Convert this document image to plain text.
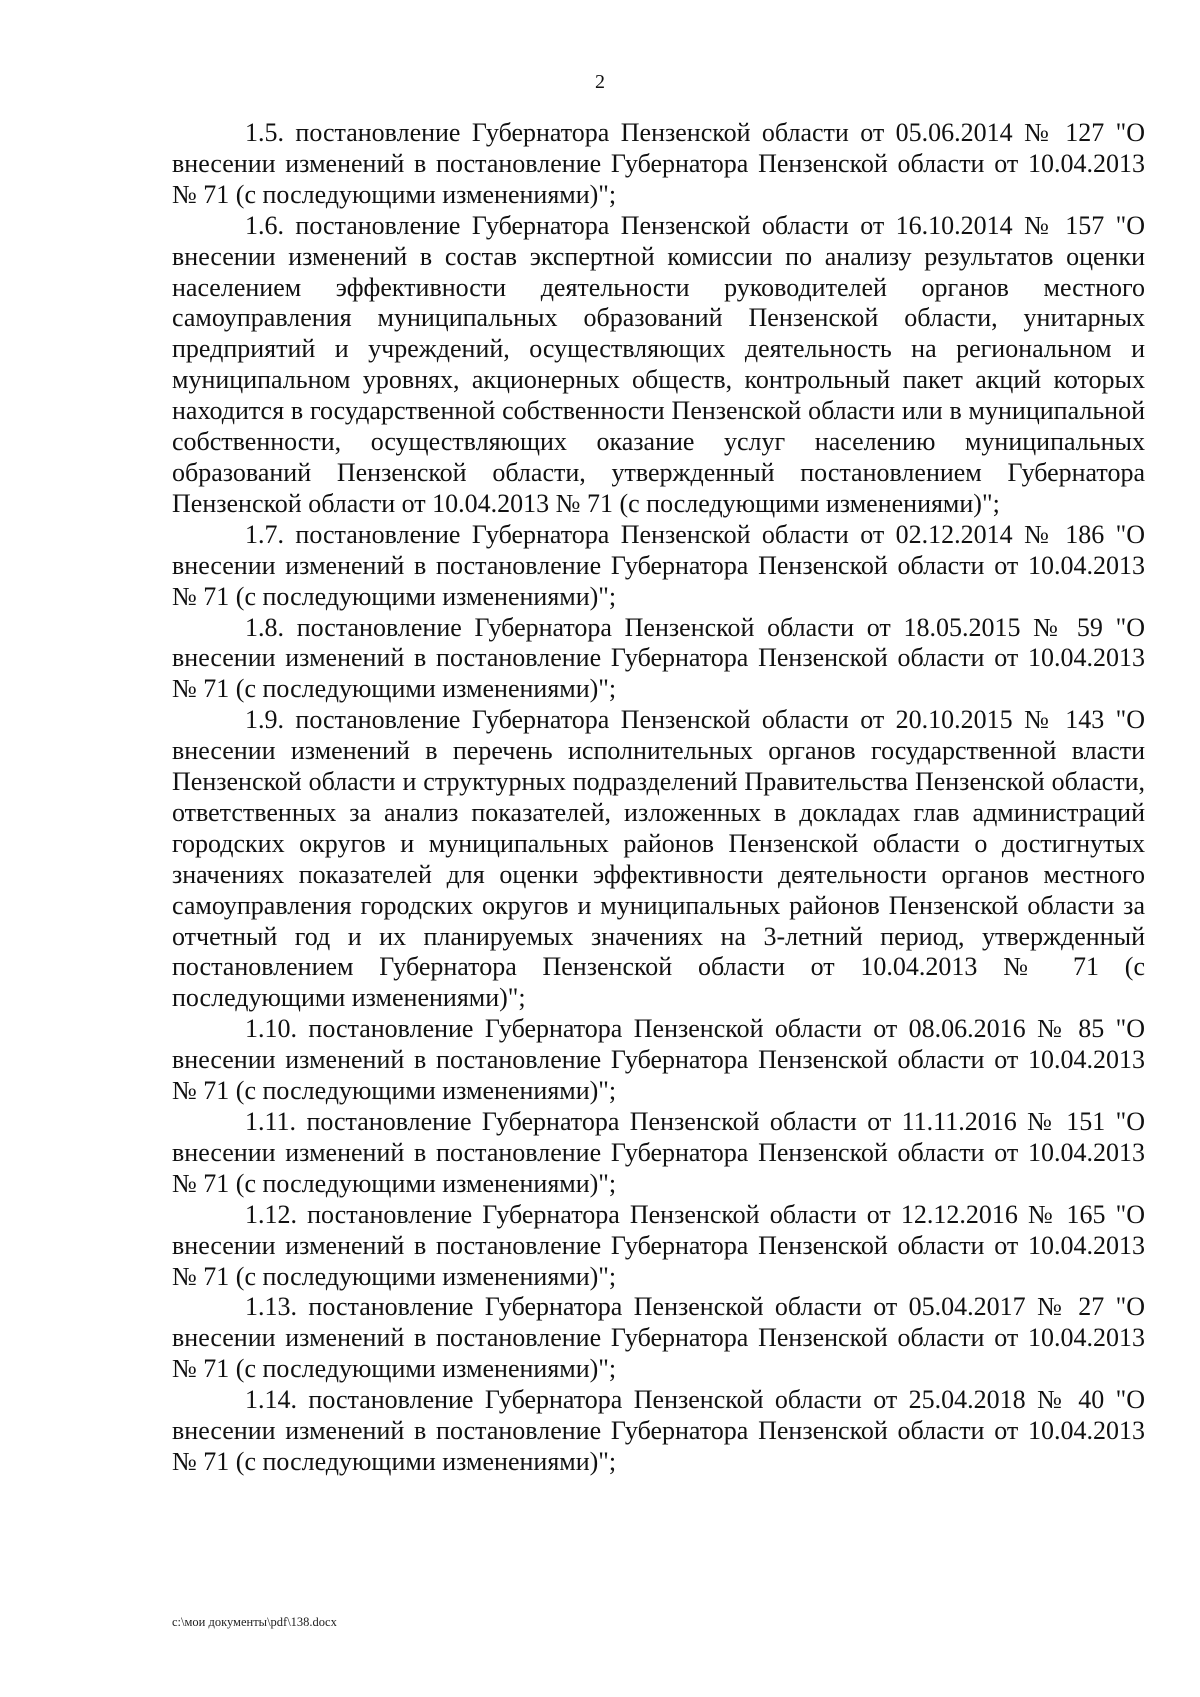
2

1.5. постановление Губернатора Пензенской области от 05.06.2014 № 127 "О внесении изменений в постановление Губернатора Пензенской области от 10.04.2013 № 71 (с последующими изменениями)";

1.6. постановление Губернатора Пензенской области от 16.10.2014 № 157 "О внесении изменений в состав экспертной комиссии по анализу результатов оценки населением эффективности деятельности руководителей органов местного самоуправления муниципальных образований Пензенской области, унитарных предприятий и учреждений, осуществляющих деятельность на региональном и муниципальном уровнях, акционерных обществ, контрольный пакет акций которых находится в государственной собственности Пензенской области или в муниципальной собственности, осуществляющих оказание услуг населению муниципальных образований Пензенской области, утвержденный постановлением Губернатора Пензенской области от 10.04.2013 № 71 (с последующими изменениями)";

1.7. постановление Губернатора Пензенской области от 02.12.2014 № 186 "О внесении изменений в постановление Губернатора Пензенской области от 10.04.2013 № 71 (с последующими изменениями)";

1.8. постановление Губернатора Пензенской области от 18.05.2015 № 59 "О внесении изменений в постановление Губернатора Пензенской области от 10.04.2013 № 71 (с последующими изменениями)";

1.9. постановление Губернатора Пензенской области от 20.10.2015 № 143 "О внесении изменений в перечень исполнительных органов государственной власти Пензенской области и структурных подразделений Правительства Пензенской области, ответственных за анализ показателей, изложенных в докладах глав администраций городских округов и муниципальных районов Пензенской области о достигнутых значениях показателей для оценки эффективности деятельности органов местного самоуправления городских округов и муниципальных районов Пензенской области за отчетный год и их планируемых значениях на 3-летний период, утвержденный постановлением Губернатора Пензенской области от 10.04.2013 № 71 (с последующими изменениями)";

1.10. постановление Губернатора Пензенской области от 08.06.2016 № 85 "О внесении изменений в постановление Губернатора Пензенской области от 10.04.2013 № 71 (с последующими изменениями)";

1.11. постановление Губернатора Пензенской области от 11.11.2016 № 151 "О внесении изменений в постановление Губернатора Пензенской области от 10.04.2013 № 71 (с последующими изменениями)";

1.12. постановление Губернатора Пензенской области от 12.12.2016 № 165 "О внесении изменений в постановление Губернатора Пензенской области от 10.04.2013 № 71 (с последующими изменениями)";

1.13. постановление Губернатора Пензенской области от 05.04.2017 № 27 "О внесении изменений в постановление Губернатора Пензенской области от 10.04.2013 № 71 (с последующими изменениями)";

1.14. постановление Губернатора Пензенской области от 25.04.2018 № 40 "О внесении изменений в постановление Губернатора Пензенской области от 10.04.2013 № 71 (с последующими изменениями)";

c:\мои документы\pdf\138.docx
